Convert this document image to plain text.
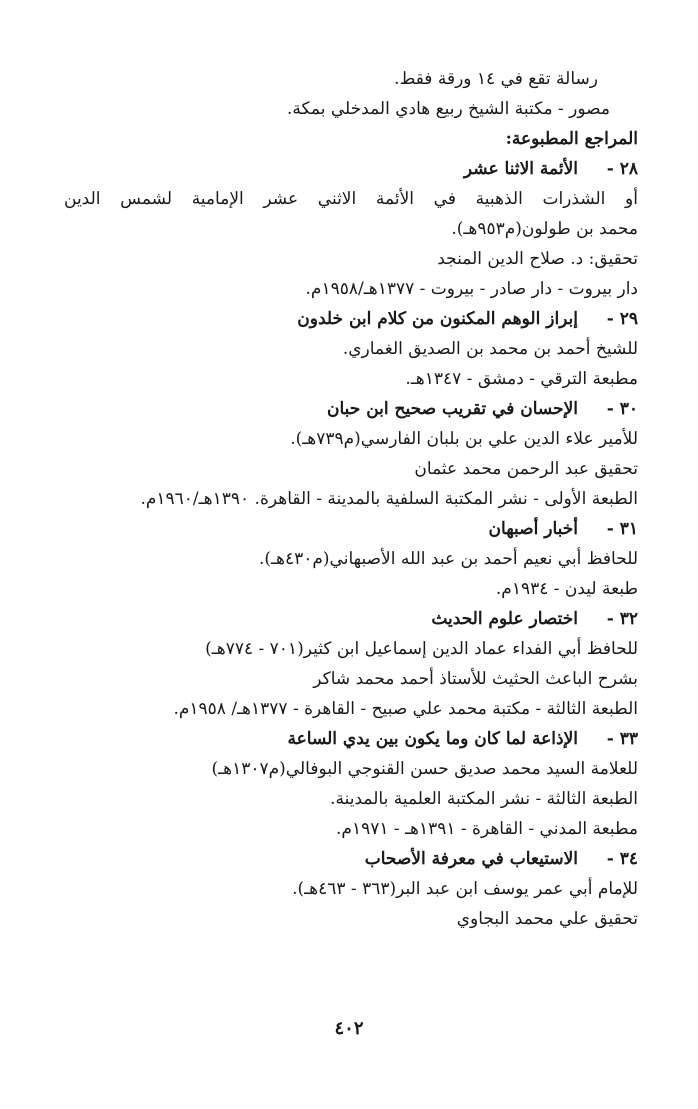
رسالة تقع في ١٤ ورقة فقط.
مصور - مكتبة الشيخ ربيع هادي المدخلي بمكة.
المراجع المطبوعة:
٢٨ -
الأئمة الاثنا عشر
أو الشذرات الذهبية في الأئمة الاثني عشر الإمامية لشمس الدين
محمد بن طولون(م٩٥٣هـ).
تحقيق: د. صلاح الدين المنجد
دار بيروت - دار صادر - بيروت - ١٣٧٧هـ/١٩٥٨م.
٢٩ -
إبراز الوهم المكنون من كلام ابن خلدون
للشيخ أحمد بن محمد بن الصديق الغماري.
مطبعة الترقي - دمشق - ١٣٤٧هـ.
٣٠ -
الإحسان في تقريب صحيح ابن حبان
للأمير علاء الدين علي بن بلبان الفارسي(م٧٣٩هـ).
تحقيق عبد الرحمن محمد عثمان
الطبعة الأولى - نشر المكتبة السلفية بالمدينة - القاهرة. ١٣٩٠هـ/١٩٦٠م.
٣١ -
أخبار أصبهان
للحافظ أبي نعيم أحمد بن عبد الله الأصبهاني(م٤٣٠هـ).
طبعة ليدن - ١٩٣٤م.
٣٢ -
اختصار علوم الحديث
للحافظ أبي الفداء عماد الدين إسماعيل ابن كثير(٧٠١ - ٧٧٤هـ)
بشرح الباعث الحثيث للأستاذ أحمد محمد شاكر
الطبعة الثالثة - مكتبة محمد علي صبيح - القاهرة - ١٣٧٧هـ/ ١٩٥٨م.
٣٣ -
الإذاعة لما كان وما يكون بين يدي الساعة
للعلامة السيد محمد صديق حسن القنوجي البوفالي(م١٣٠٧هـ)
الطبعة الثالثة - نشر المكتبة العلمية بالمدينة.
مطبعة المدني - القاهرة - ١٣٩١هـ - ١٩٧١م.
٣٤ -
الاستيعاب في معرفة الأصحاب
للإمام أبي عمر يوسف ابن عبد البر(٣٦٣ - ٤٦٣هـ).
تحقيق علي محمد البجاوي
٤٠٢
